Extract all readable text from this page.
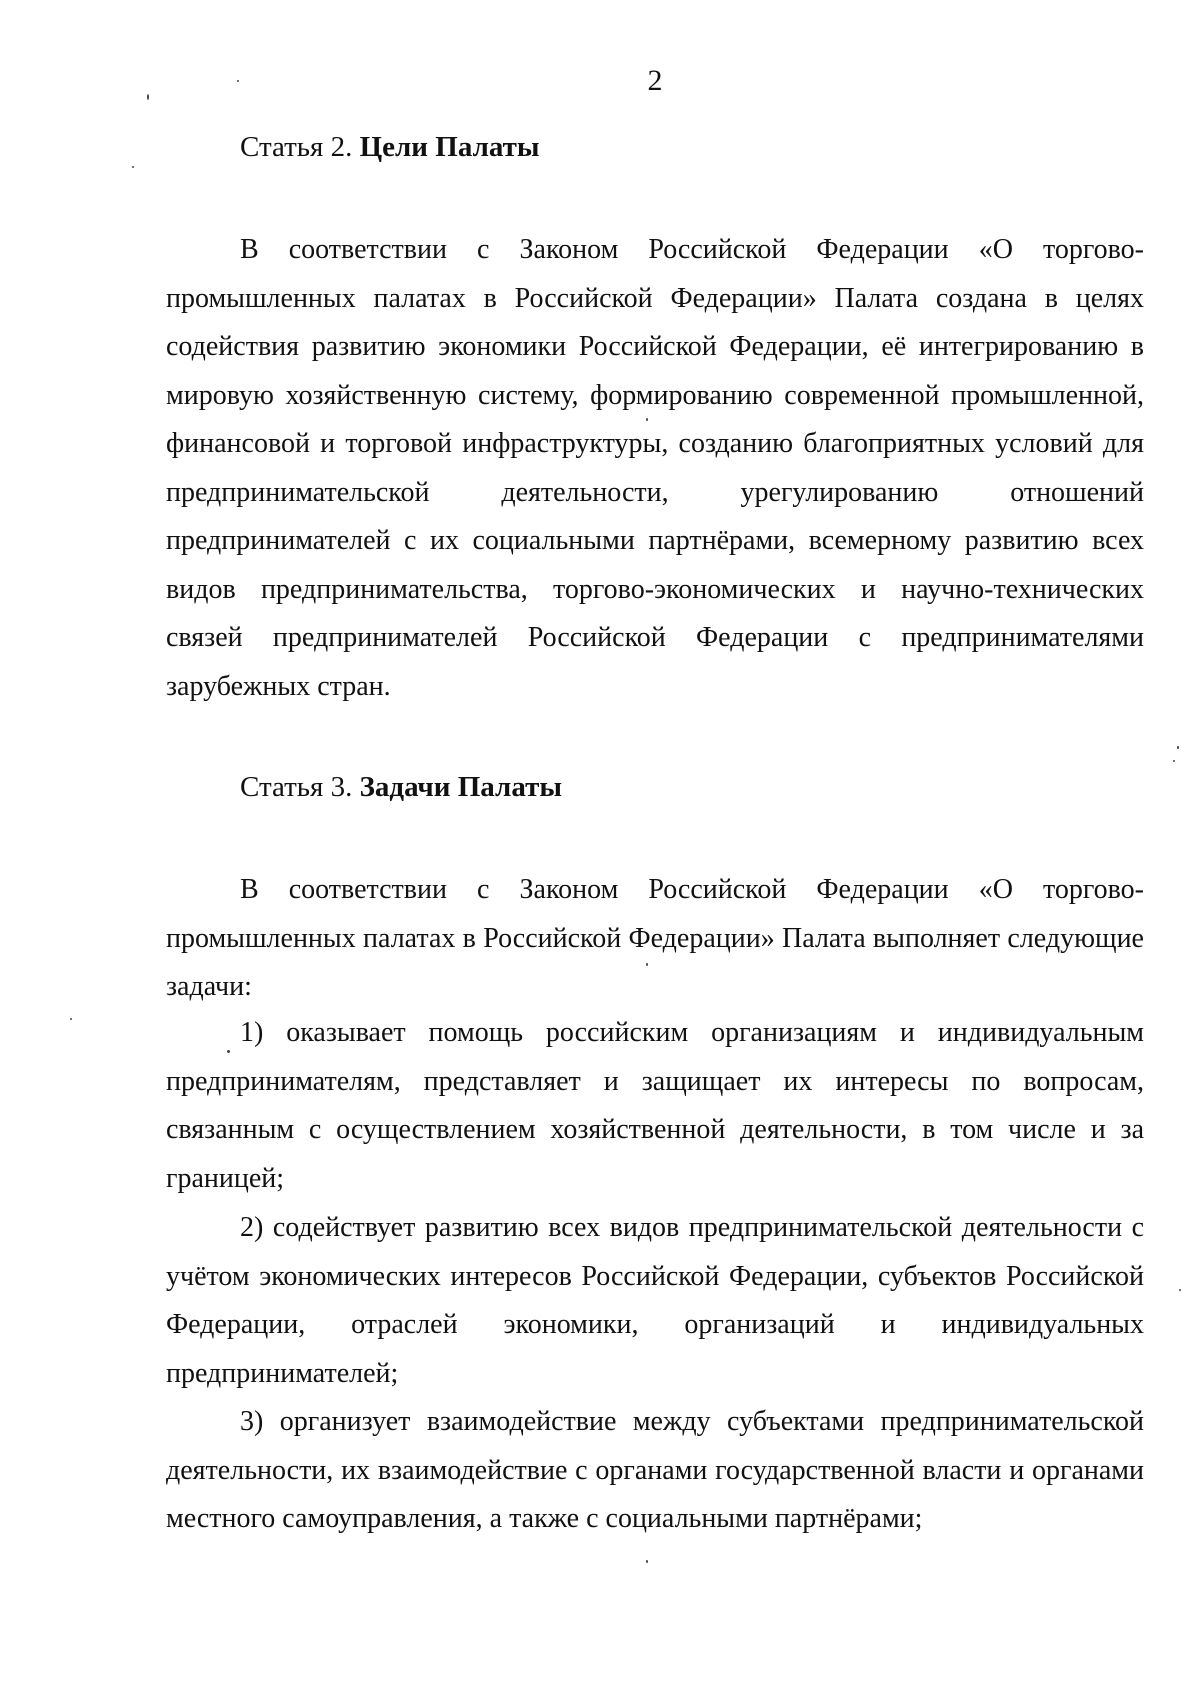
2
Статья 2. Цели Палаты
В соответствии с Законом Российской Федерации «О торгово-промышленных палатах в Российской Федерации» Палата создана в целях содействия развитию экономики Российской Федерации, её интегрированию в мировую хозяйственную систему, формированию современной промышленной, финансовой и торговой инфраструктуры, созданию благоприятных условий для предпринимательской деятельности, урегулированию отношений предпринимателей с их социальными партнёрами, всемерному развитию всех видов предпринимательства, торгово-экономических и научно-технических связей предпринимателей Российской Федерации с предпринимателями зарубежных стран.
Статья 3. Задачи Палаты
В соответствии с Законом Российской Федерации «О торгово-промышленных палатах в Российской Федерации» Палата выполняет следующие задачи:
1) оказывает помощь российским организациям и индивидуальным предпринимателям, представляет и защищает их интересы по вопросам, связанным с осуществлением хозяйственной деятельности, в том числе и за границей;
2) содействует развитию всех видов предпринимательской деятельности с учётом экономических интересов Российской Федерации, субъектов Российской Федерации, отраслей экономики, организаций и индивидуальных предпринимателей;
3) организует взаимодействие между субъектами предпринимательской деятельности, их взаимодействие с органами государственной власти и органами местного самоуправления, а также с социальными партнёрами;
